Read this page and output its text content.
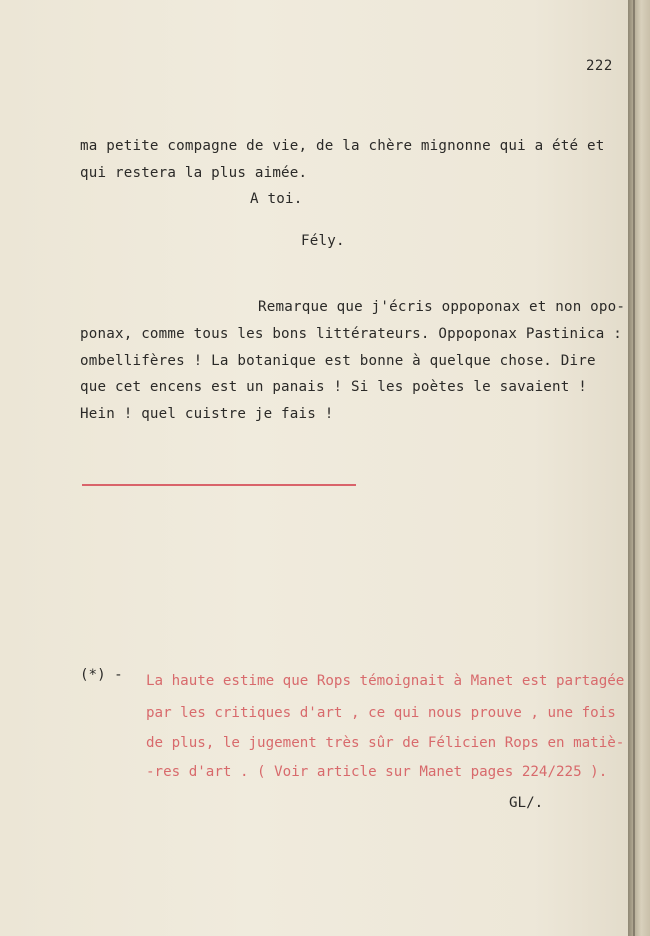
222
ma petite compagne de vie, de la chère mignonne qui a été et
qui restera la plus aimée.
A toi.
Fély.
Remarque que j'écris oppoponax et non opo-
ponax, comme tous les bons littérateurs. Oppoponax Pastinica :
ombellifères ! La botanique est bonne à quelque chose. Dire
que cet encens est un panais ! Si les poètes le savaient !
Hein ! quel cuistre je fais !
(*) - La haute estime que Rops témoignait à Manet est partagée
par les critiques d'art , ce qui nous prouve , une fois
de plus, le jugement très sûr de Félicien Rops en matiè-
-res d'art . ( Voir article sur Manet pages 224/225 ).
GL/.
